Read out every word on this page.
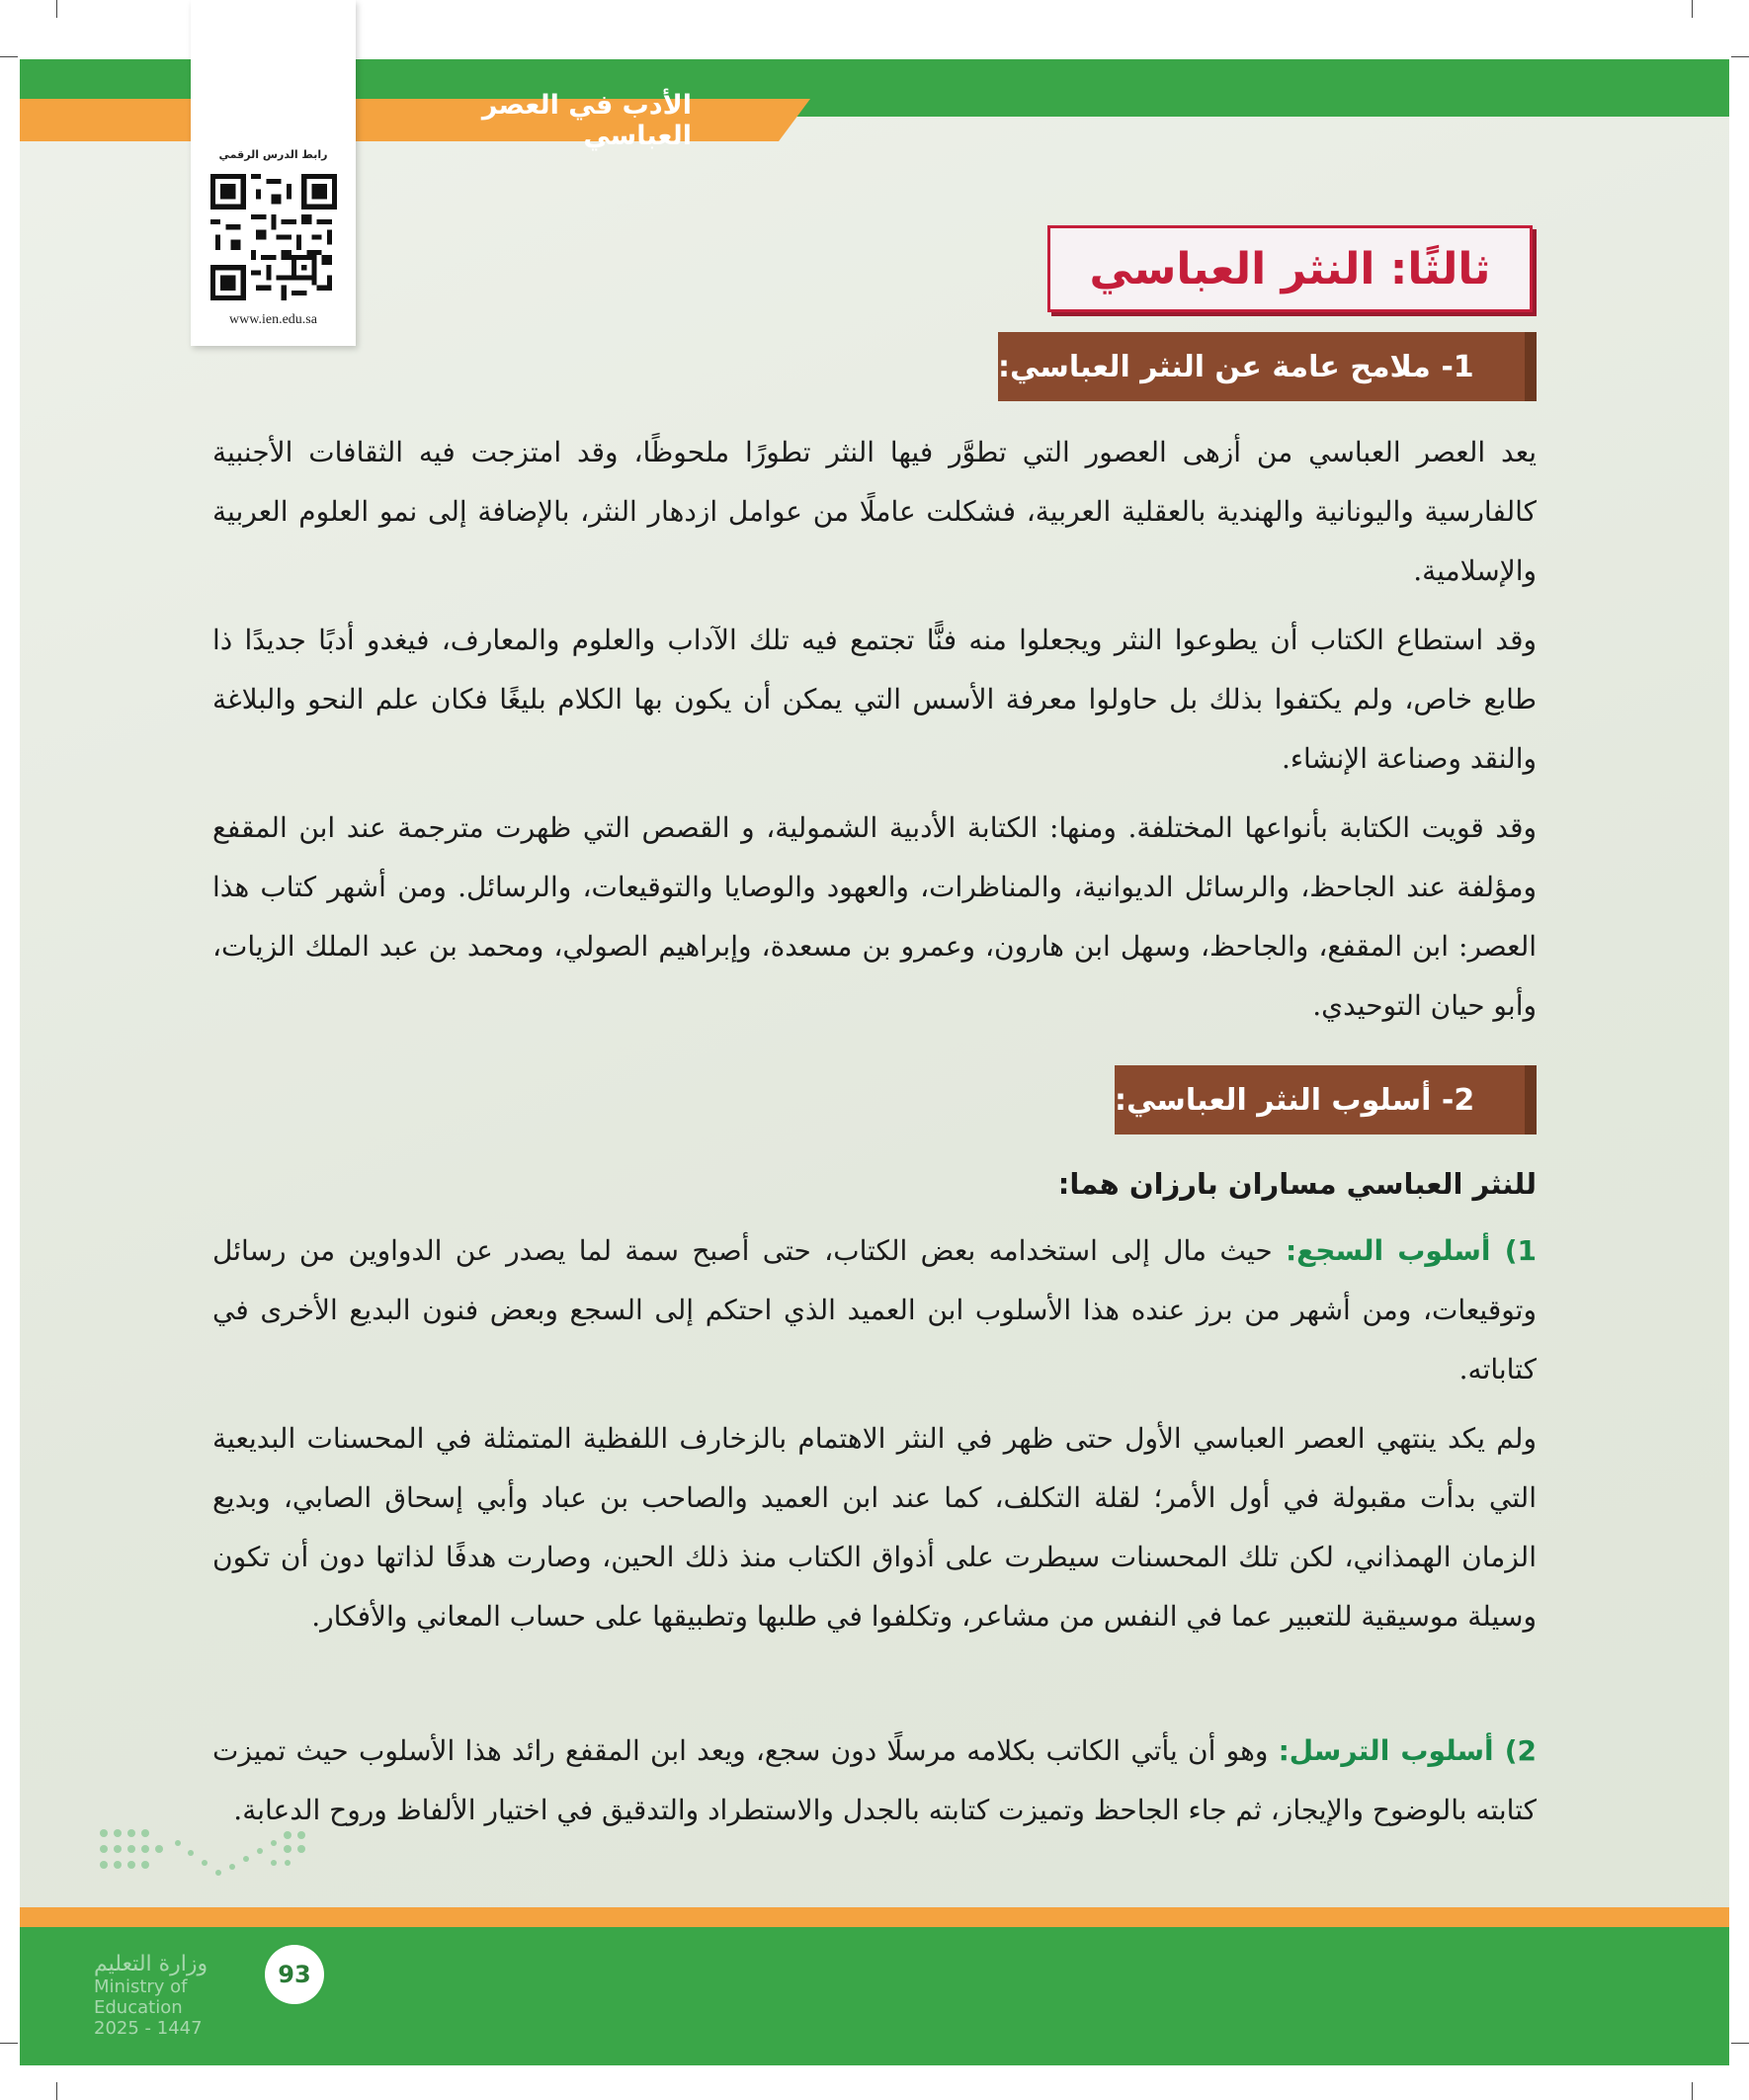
الأدب في العصر العباسي
رابط الدرس الرقمي
www.ien.edu.sa
ثالثًا: النثر العباسي
1- ملامح عامة عن النثر العباسي:

يعد العصر العباسي من أزهى العصور التي تطوَّر فيها النثر تطورًا ملحوظًا، وقد امتزجت فيه الثقافات الأجنبية كالفارسية واليونانية والهندية بالعقلية العربية، فشكلت عاملًا من عوامل ازدهار النثر، بالإضافة إلى نمو العلوم العربية والإسلامية.

وقد استطاع الكتاب أن يطوعوا النثر ويجعلوا منه فنًّا تجتمع فيه تلك الآداب والعلوم والمعارف، فيغدو أدبًا جديدًا ذا طابع خاص، ولم يكتفوا بذلك بل حاولوا معرفة الأسس التي يمكن أن يكون بها الكلام بليغًا فكان علم النحو والبلاغة والنقد وصناعة الإنشاء.

وقد قويت الكتابة بأنواعها المختلفة. ومنها: الكتابة الأدبية الشمولية، و القصص التي ظهرت مترجمة عند ابن المقفع ومؤلفة عند الجاحظ، والرسائل الديوانية، والمناظرات، والعهود والوصايا والتوقيعات، والرسائل. ومن أشهر كتاب هذا العصر: ابن المقفع، والجاحظ، وسهل ابن هارون، وعمرو بن مسعدة، وإبراهيم الصولي، ومحمد بن عبد الملك الزيات، وأبو حيان التوحيدي.

2- أسلوب النثر العباسي:

للنثر العباسي مساران بارزان هما:

1) أسلوب السجع: حيث مال إلى استخدامه بعض الكتاب، حتى أصبح سمة لما يصدر عن الدواوين من رسائل وتوقيعات، ومن أشهر من برز عنده هذا الأسلوب ابن العميد الذي احتكم إلى السجع وبعض فنون البديع الأخرى في كتاباته.

ولم يكد ينتهي العصر العباسي الأول حتى ظهر في النثر الاهتمام بالزخارف اللفظية المتمثلة في المحسنات البديعية التي بدأت مقبولة في أول الأمر؛ لقلة التكلف، كما عند ابن العميد والصاحب بن عباد وأبي إسحاق الصابي، وبديع الزمان الهمذاني، لكن تلك المحسنات سيطرت على أذواق الكتاب منذ ذلك الحين، وصارت هدفًا لذاتها دون أن تكون وسيلة موسيقية للتعبير عما في النفس من مشاعر، وتكلفوا في طلبها وتطبيقها على حساب المعاني والأفكار.

2) أسلوب الترسل: وهو أن يأتي الكاتب بكلامه مرسلًا دون سجع، ويعد ابن المقفع رائد هذا الأسلوب حيث تميزت كتابته بالوضوح والإيجاز، ثم جاء الجاحظ وتميزت كتابته بالجدل والاستطراد والتدقيق في اختيار الألفاظ وروح الدعابة.

وزارة التعليم
Ministry of Education
2025 - 1447
93
